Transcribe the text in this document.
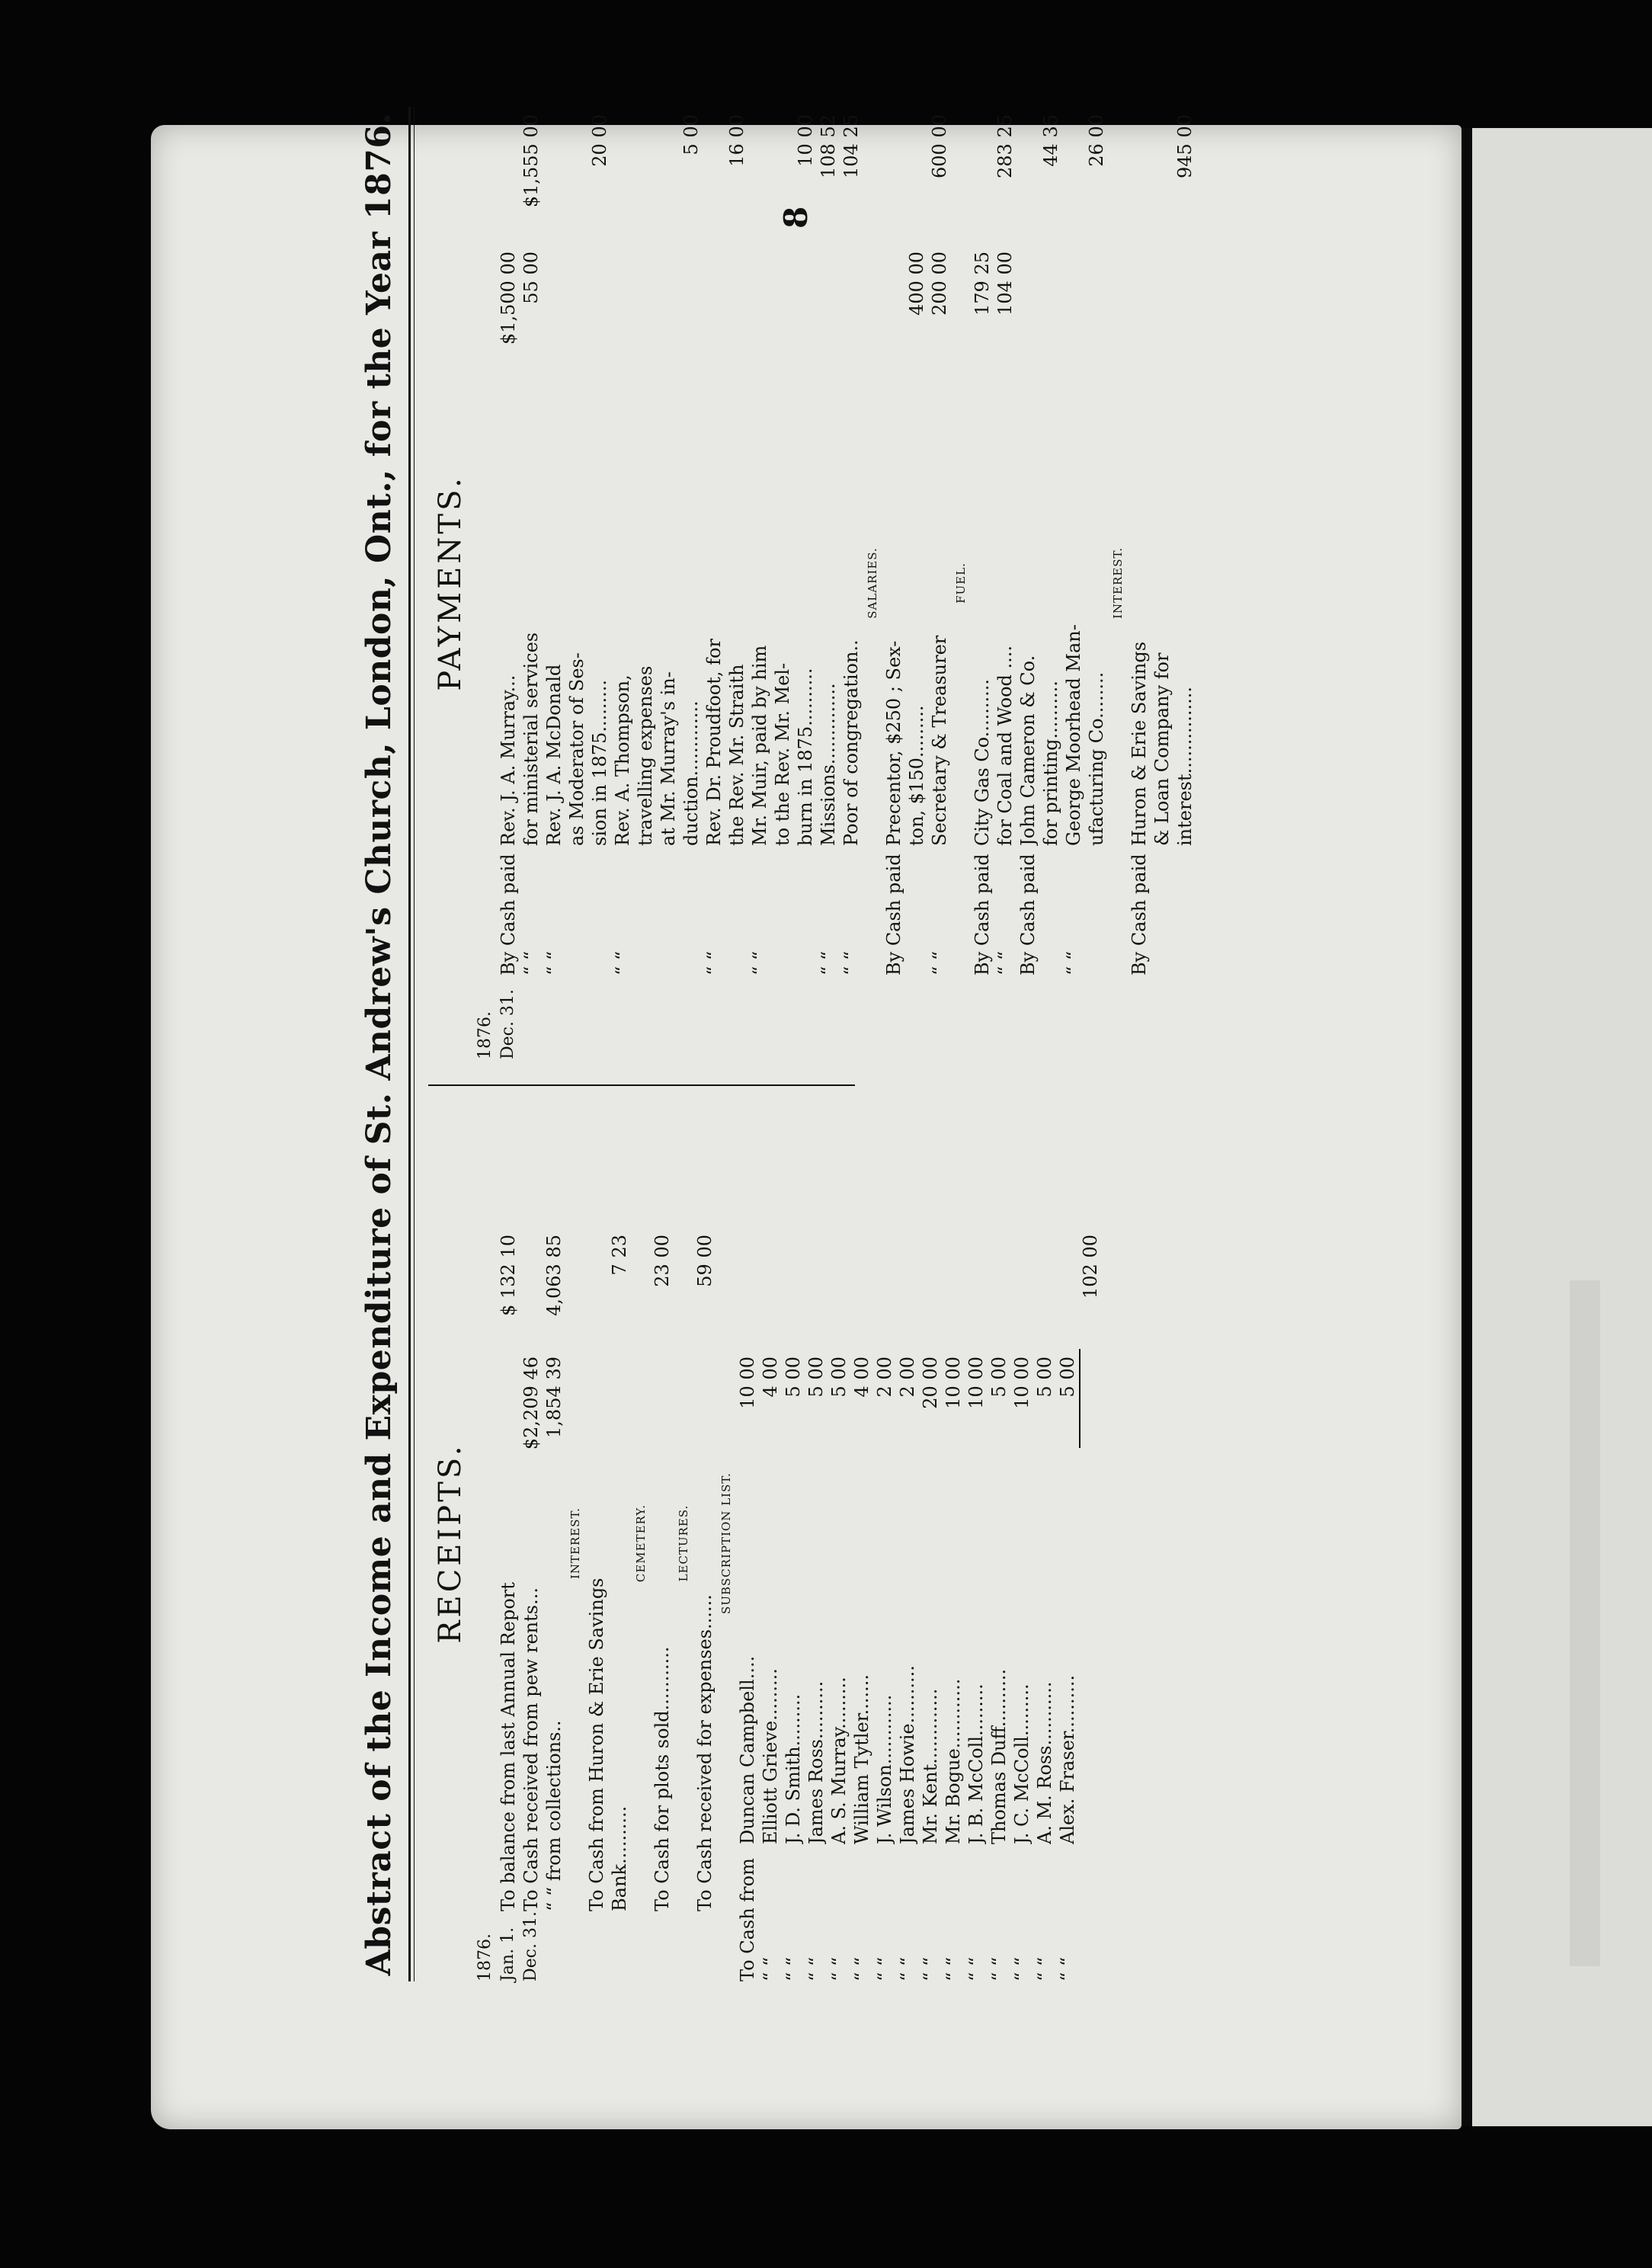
Abstract of the Income and Expenditure of St. Andrew's Church, London, Ont., for the Year 1876.	8
RECEIPTS.
1876. Jan. 1.
To balance from last Annual Report
$ 132 10
Dec. 31.
To Cash received from pew rents...
$2,209 46
“ “ from collections..
1,854 39
4,063 85
INTEREST.
To Cash from Huron & Erie Savings Bank..........
7 23
CEMETERY.
To Cash for plots sold...........
23 00
LECTURES.
To Cash received for expenses......
59 00
SUBSCRIPTION LIST.
To Cash from
Duncan Campbell....
10 00
“ “
Elliott Grieve.........
4 00
“ “
J. D. Smith.........
5 00
“ “
James Ross..........
5 00
“ “
A. S. Murray.........
5 00
“ “
William Tytler.......
4 00
“ “
J. Wilson............
2 00
“ “
James Howie..........
2 00
“ “
Mr. Kent.............
20 00
“ “
Mr. Bogue............
10 00
“ “
J. B. McColl.........
10 00
“ “
Thomas Duff..........
5 00
“ “
J. C. McColl.........
10 00
“ “
A. M. Ross...........
5 00
“ “
Alex. Fraser..........
5 00
102 00
PAYMENTS.
1876. Dec. 31.
By Cash paid
Rev. J. A. Murray...
$1,500 00
“ “
for ministerial services
55 00
$1,555 00
“ “
Rev. J. A. McDonald as Moderator of Ses- sion in 1875.........
20 00
“ “
Rev. A. Thompson, travelling expenses at Mr. Murray's in- duction.............
5 00
“ “
Rev. Dr. Proudfoot, for the Rev. Mr. Straith
16 00
“ “
Mr. Muir, paid by him to the Rev. Mr. Mel- burn in 1875..........
10 00
“ “
Missions..............
108 52
“ “
Poor of congregation..
104 25
SALARIES.
By Cash paid
Precentor, $250 ; Sex- ton, $150.........
400 00
“ “
Secretary & Treasurer
200 00
600 00
FUEL.
By Cash paid
City Gas Co..........
179 25
“ “
for Coal and Wood ....
104 00
283 25
By Cash paid
John Cameron & Co. for printing..........
44 35
“ “
George Moorhead Man- ufacturing Co........
26 00
INTEREST.
By Cash paid
Huron & Erie Savings & Loan Company for interest...............
945 00
